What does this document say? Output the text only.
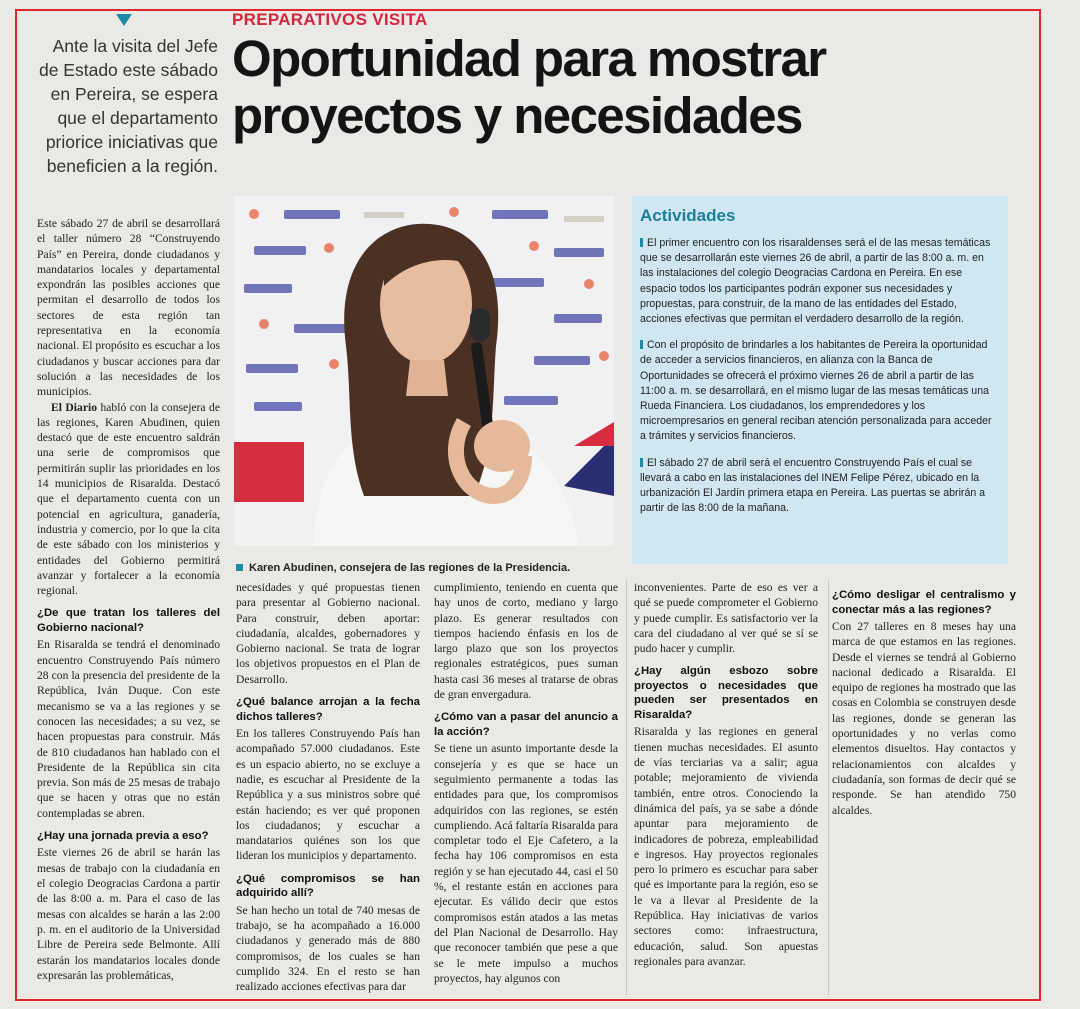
PREPARATIVOS VISITA

Oportunidad para mostrar
proyectos y necesidades

Ante la visita del Jefe de Estado este sábado en Pereira, se espera que el departamento priorice iniciativas que beneficien a la región.

Karen Abudinen, consejera de las regiones de la Presidencia.

Actividades

El primer encuentro con los risaraldenses será el de las mesas temáticas que se desarrollarán este viernes 26 de abril, a partir de las 8:00 a. m. en las instalaciones del colegio Deogracias Cardona en Pereira. En ese espacio todos los participantes podrán exponer sus necesidades y propuestas, para construir, de la mano de las entidades del Estado, acciones efectivas que permitan el verdadero desarrollo de la región.

Con el propósito de brindarles a los habitantes de Pereira la oportunidad de acceder a servicios financieros, en alianza con la Banca de Oportunidades se ofrecerá el próximo viernes 26 de abril a partir de las 11:00 a. m. se desarrollará, en el mismo lugar de las mesas temáticas una Rueda Financiera. Los ciudadanos, los emprendedores y los microempresarios en general reciban atención personalizada para acceder a trámites y servicios financieros.

El sábado 27 de abril será el encuentro Construyendo País el cual se llevará a cabo en las instalaciones del INEM Felipe Pérez, ubicado en la urbanización El Jardín primera etapa en Pereira. Las puertas se abrirán a partir de las 8:00 de la mañana.

Este sábado 27 de abril se desarrollará el taller número 28 “Construyendo País” en Pereira, donde ciudadanos y mandatarios locales y departamental expondrán las posibles acciones que permitan el desarrollo de todos los sectores de esta región tan representativa en la economía nacional. El propósito es escuchar a los ciudadanos y buscar acciones para dar solución a las necesidades de los municipios.

El Diario habló con la consejera de las regiones, Karen Abudinen, quien destacó que de este encuentro saldrán una serie de compromisos que permitirán suplir las prioridades en los 14 municipios de Risaralda. Destacó que el departamento cuenta con un potencial en agricultura, ganadería, industria y comercio, por lo que la cita de este sábado con los ministerios y entidades del Gobierno permitirá avanzar y fortalecer a la economía regional.

¿De que tratan los talleres del Gobierno nacional?

En Risaralda se tendrá el denominado encuentro Construyendo País número 28 con la presencia del presidente de la República, Iván Duque. Con este mecanismo se va a las regiones y se conocen las necesidades; a su vez, se hacen propuestas para construir. Más de 810 ciudadanos han hablado con el Presidente de la República sin cita previa. Son más de 25 mesas de trabajo que se hacen y otras que no están contempladas se abren.

¿Hay una jornada previa a eso?

Este viernes 26 de abril se harán las mesas de trabajo con la ciudadanía en el colegio Deogracias Cardona a partir de las 8:00 a. m. Para el caso de las mesas con alcaldes se harán a las 2:00 p. m. en el auditorio de la Universidad Libre de Pereira sede Belmonte. Allí estarán los mandatarios locales donde expresarán las problemáticas,

necesidades y qué propuestas tienen para presentar al Gobierno nacional. Para construir, deben aportar: ciudadanía, alcaldes, gobernadores y Gobierno nacional. Se trata de lograr los objetivos propuestos en el Plan de Desarrollo.

¿Qué balance arrojan a la fecha dichos talleres?

En los talleres Construyendo País han acompañado 57.000 ciudadanos. Este es un espacio abierto, no se excluye a nadie, es escuchar al Presidente de la República y a sus ministros sobre qué están haciendo; es ver qué proponen los ciudadanos; y escuchar a mandatarios quiénes son los que lideran los municipios y departamento.

¿Qué compromisos se han adquirido allí?

Se han hecho un total de 740 mesas de trabajo, se ha acompañado a 16.000 ciudadanos y generado más de 880 compromisos, de los cuales se han cumplido 324. En el resto se han realizado acciones efectivas para dar

cumplimiento, teniendo en cuenta que hay unos de corto, mediano y largo plazo. Es generar resultados con tiempos haciendo énfasis en los de largo plazo que son los proyectos regionales estratégicos, pues suman hasta casi 36 meses al tratarse de obras de gran envergadura.

¿Cómo van a pasar del anuncio a la acción?

Se tiene un asunto importante desde la consejería y es que se hace un seguimiento permanente a todas las entidades para que, los compromisos adquiridos con las regiones, se estén cumpliendo. Acá faltaría Risaralda para completar todo el Eje Cafetero, a la fecha hay 106 compromisos en esta región y se han ejecutado 44, casi el 50 %, el restante están en acciones para ejecutar. Es válido decir que estos compromisos están atados a las metas del Plan Nacional de Desarrollo. Hay que reconocer también que pese a que se le mete impulso a muchos proyectos, hay algunos con

inconvenientes. Parte de eso es ver a qué se puede comprometer el Gobierno y puede cumplir. Es satisfactorio ver la cara del ciudadano al ver qué se sí se pudo hacer y cumplir.

¿Hay algún esbozo sobre proyectos o necesidades que pueden ser presentados en Risaralda?

Risaralda y las regiones en general tienen muchas necesidades. El asunto de vías terciarias va a salir; agua potable; mejoramiento de vivienda también, entre otros. Conociendo la dinámica del país, ya se sabe a dónde apuntar para mejoramiento de indicadores de pobreza, empleabilidad e ingresos. Hay proyectos regionales pero lo primero es escuchar para saber qué es importante para la región, eso se le va a llevar al Presidente de la República. Hay iniciativas de varios sectores como: infraestructura, educación, salud. Son apuestas regionales para avanzar.

¿Cómo desligar el centralismo y conectar más a las regiones?

Con 27 talleres en 8 meses hay una marca de que estamos en las regiones. Desde el viernes se tendrá al Gobierno nacional dedicado a Risaralda. El equipo de regiones ha mostrado que las cosas en Colombia se construyen desde las regiones, donde se generan las oportunidades y no verlas como elementos disueltos. Hay contactos y relacionamientos con alcaldes y ciudadanía, son formas de decir qué se responde. Se han atendido 750 alcaldes.
